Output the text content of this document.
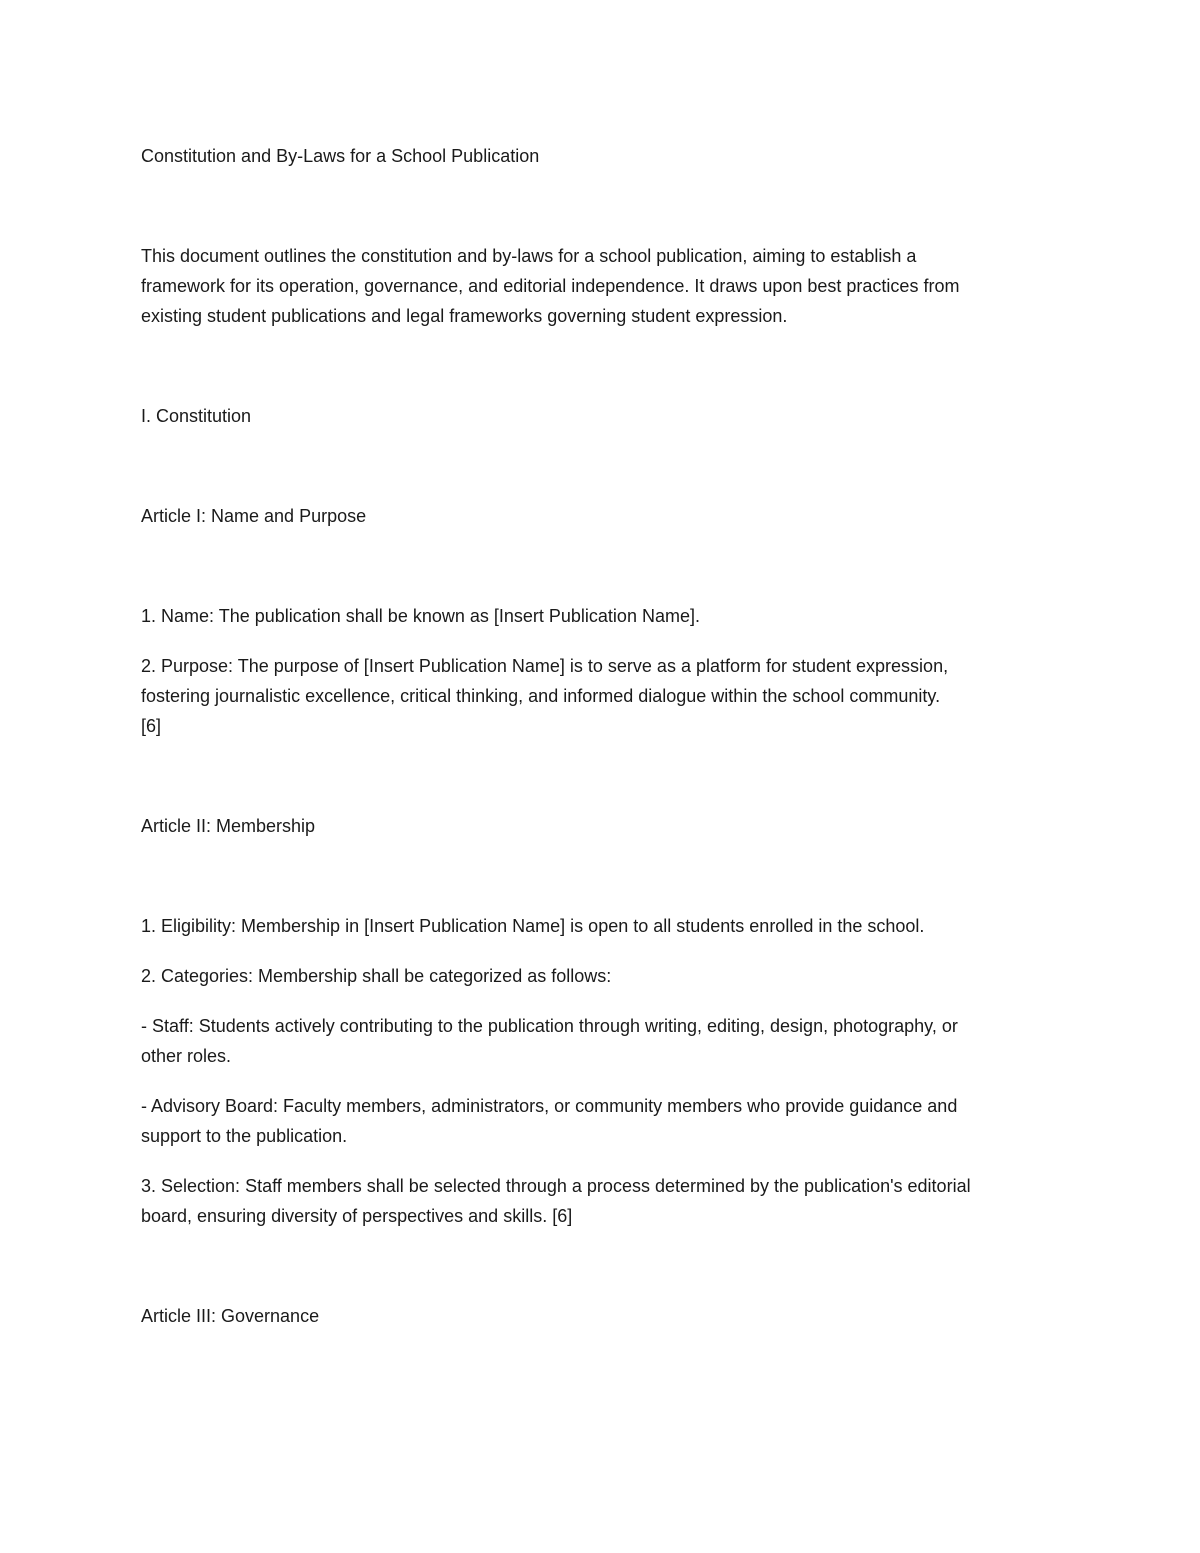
Constitution and By-Laws for a School Publication

This document outlines the constitution and by-laws for a school publication, aiming to establish a

framework for its operation, governance, and editorial independence. It draws upon best practices from

existing student publications and legal frameworks governing student expression.

I. Constitution

Article I: Name and Purpose

1. Name: The publication shall be known as [Insert Publication Name].

2. Purpose: The purpose of [Insert Publication Name] is to serve as a platform for student expression,

fostering journalistic excellence, critical thinking, and informed dialogue within the school community.

[6]

Article II: Membership

1. Eligibility: Membership in [Insert Publication Name] is open to all students enrolled in the school.

2. Categories: Membership shall be categorized as follows:

- Staff: Students actively contributing to the publication through writing, editing, design, photography, or

other roles.

- Advisory Board: Faculty members, administrators, or community members who provide guidance and

support to the publication.

3. Selection: Staff members shall be selected through a process determined by the publication's editorial

board, ensuring diversity of perspectives and skills. [6]

Article III: Governance
